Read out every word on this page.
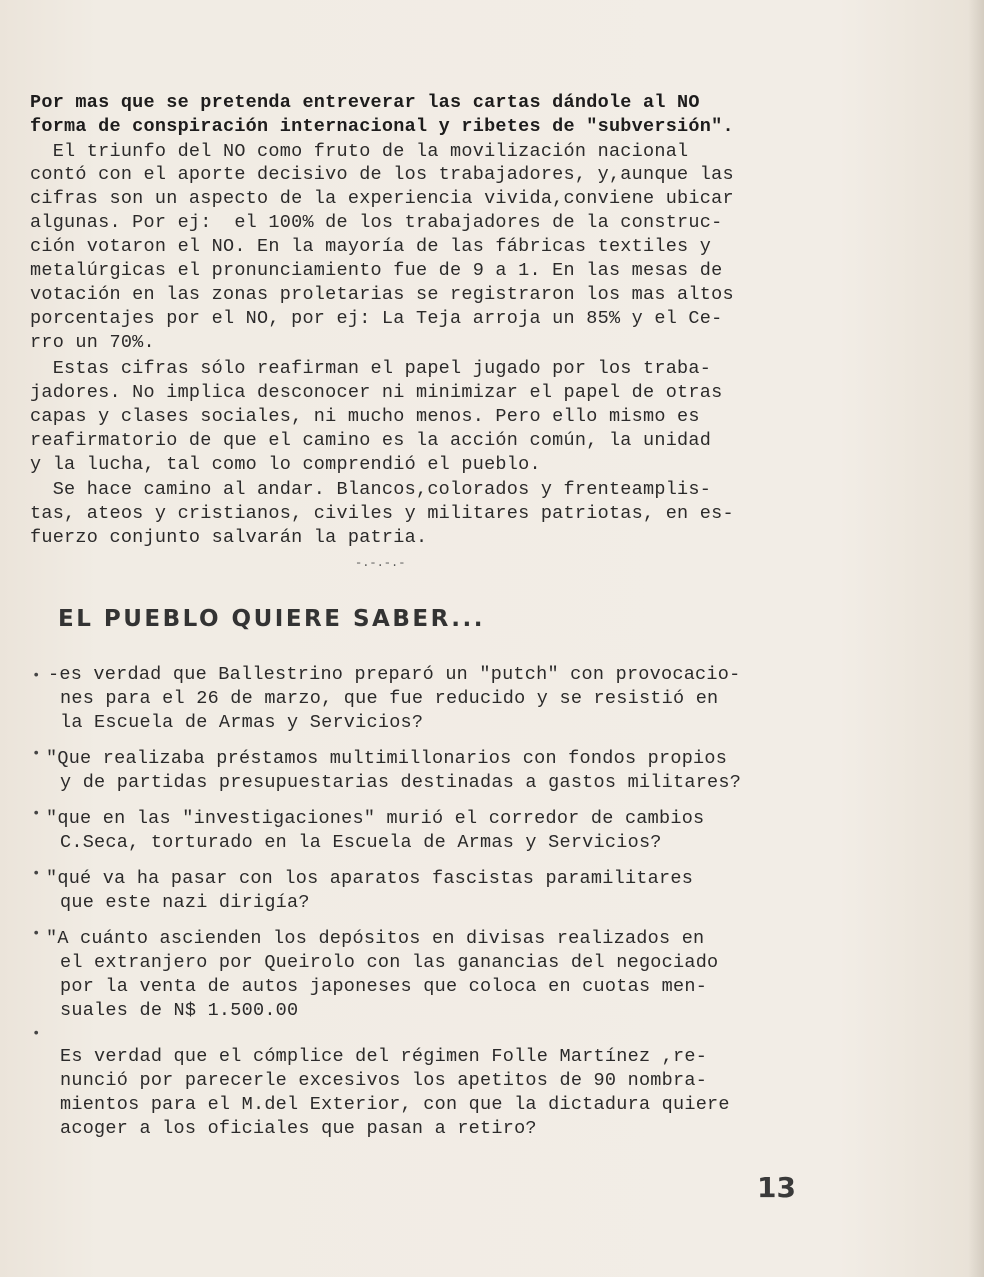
Por mas que se pretenda entreverar las cartas dándole al NO
forma de conspiración internacional y ribetes de "subversión".
El triunfo del NO como fruto de la movilización nacional
contó con el aporte decisivo de los trabajadores, y,aunque las
cifras son un aspecto de la experiencia vivida,conviene ubicar
algunas. Por ej:  el 100% de los trabajadores de la construc-
ción votaron el NO. En la mayoría de las fábricas textiles y
metalúrgicas el pronunciamiento fue de 9 a 1. En las mesas de
votación en las zonas proletarias se registraron los mas altos
porcentajes por el NO, por ej: La Teja arroja un 85% y el Ce-
rro un 70%.
Estas cifras sólo reafirman el papel jugado por los traba-
jadores. No implica desconocer ni minimizar el papel de otras
capas y clases sociales, ni mucho menos. Pero ello mismo es
reafirmatorio de que el camino es la acción común, la unidad
y la lucha, tal como lo comprendió el pueblo.
Se hace camino al andar. Blancos,colorados y frenteamplis-
tas, ateos y cristianos, civiles y militares patriotas, en es-
fuerzo conjunto salvarán la patria.
-.-.-.-
EL PUEBLO QUIERE SABER...
• -es verdad que Ballestrino preparó un "putch" con provocacio-
nes para el 26 de marzo, que fue reducido y se resistió en
la Escuela de Armas y Servicios?
• "Que realizaba préstamos multimillonarios con fondos propios
y de partidas presupuestarias destinadas a gastos militares?
• "que en las "investigaciones" murió el corredor de cambios
C.Seca, torturado en la Escuela de Armas y Servicios?
• "qué va ha pasar con los aparatos fascistas paramilitares
que este nazi dirigía?
• "A cuánto ascienden los depósitos en divisas realizados en
el extranjero por Queirolo con las ganancias del negociado
por la venta de autos japoneses que coloca en cuotas men-
suales de N$ 1.500.00
•
Es verdad que el cómplice del régimen Folle Martínez ,re-
nunció por parecerle excesivos los apetitos de 90 nombra-
mientos para el M.del Exterior, con que la dictadura quiere
acoger a los oficiales que pasan a retiro?
13
